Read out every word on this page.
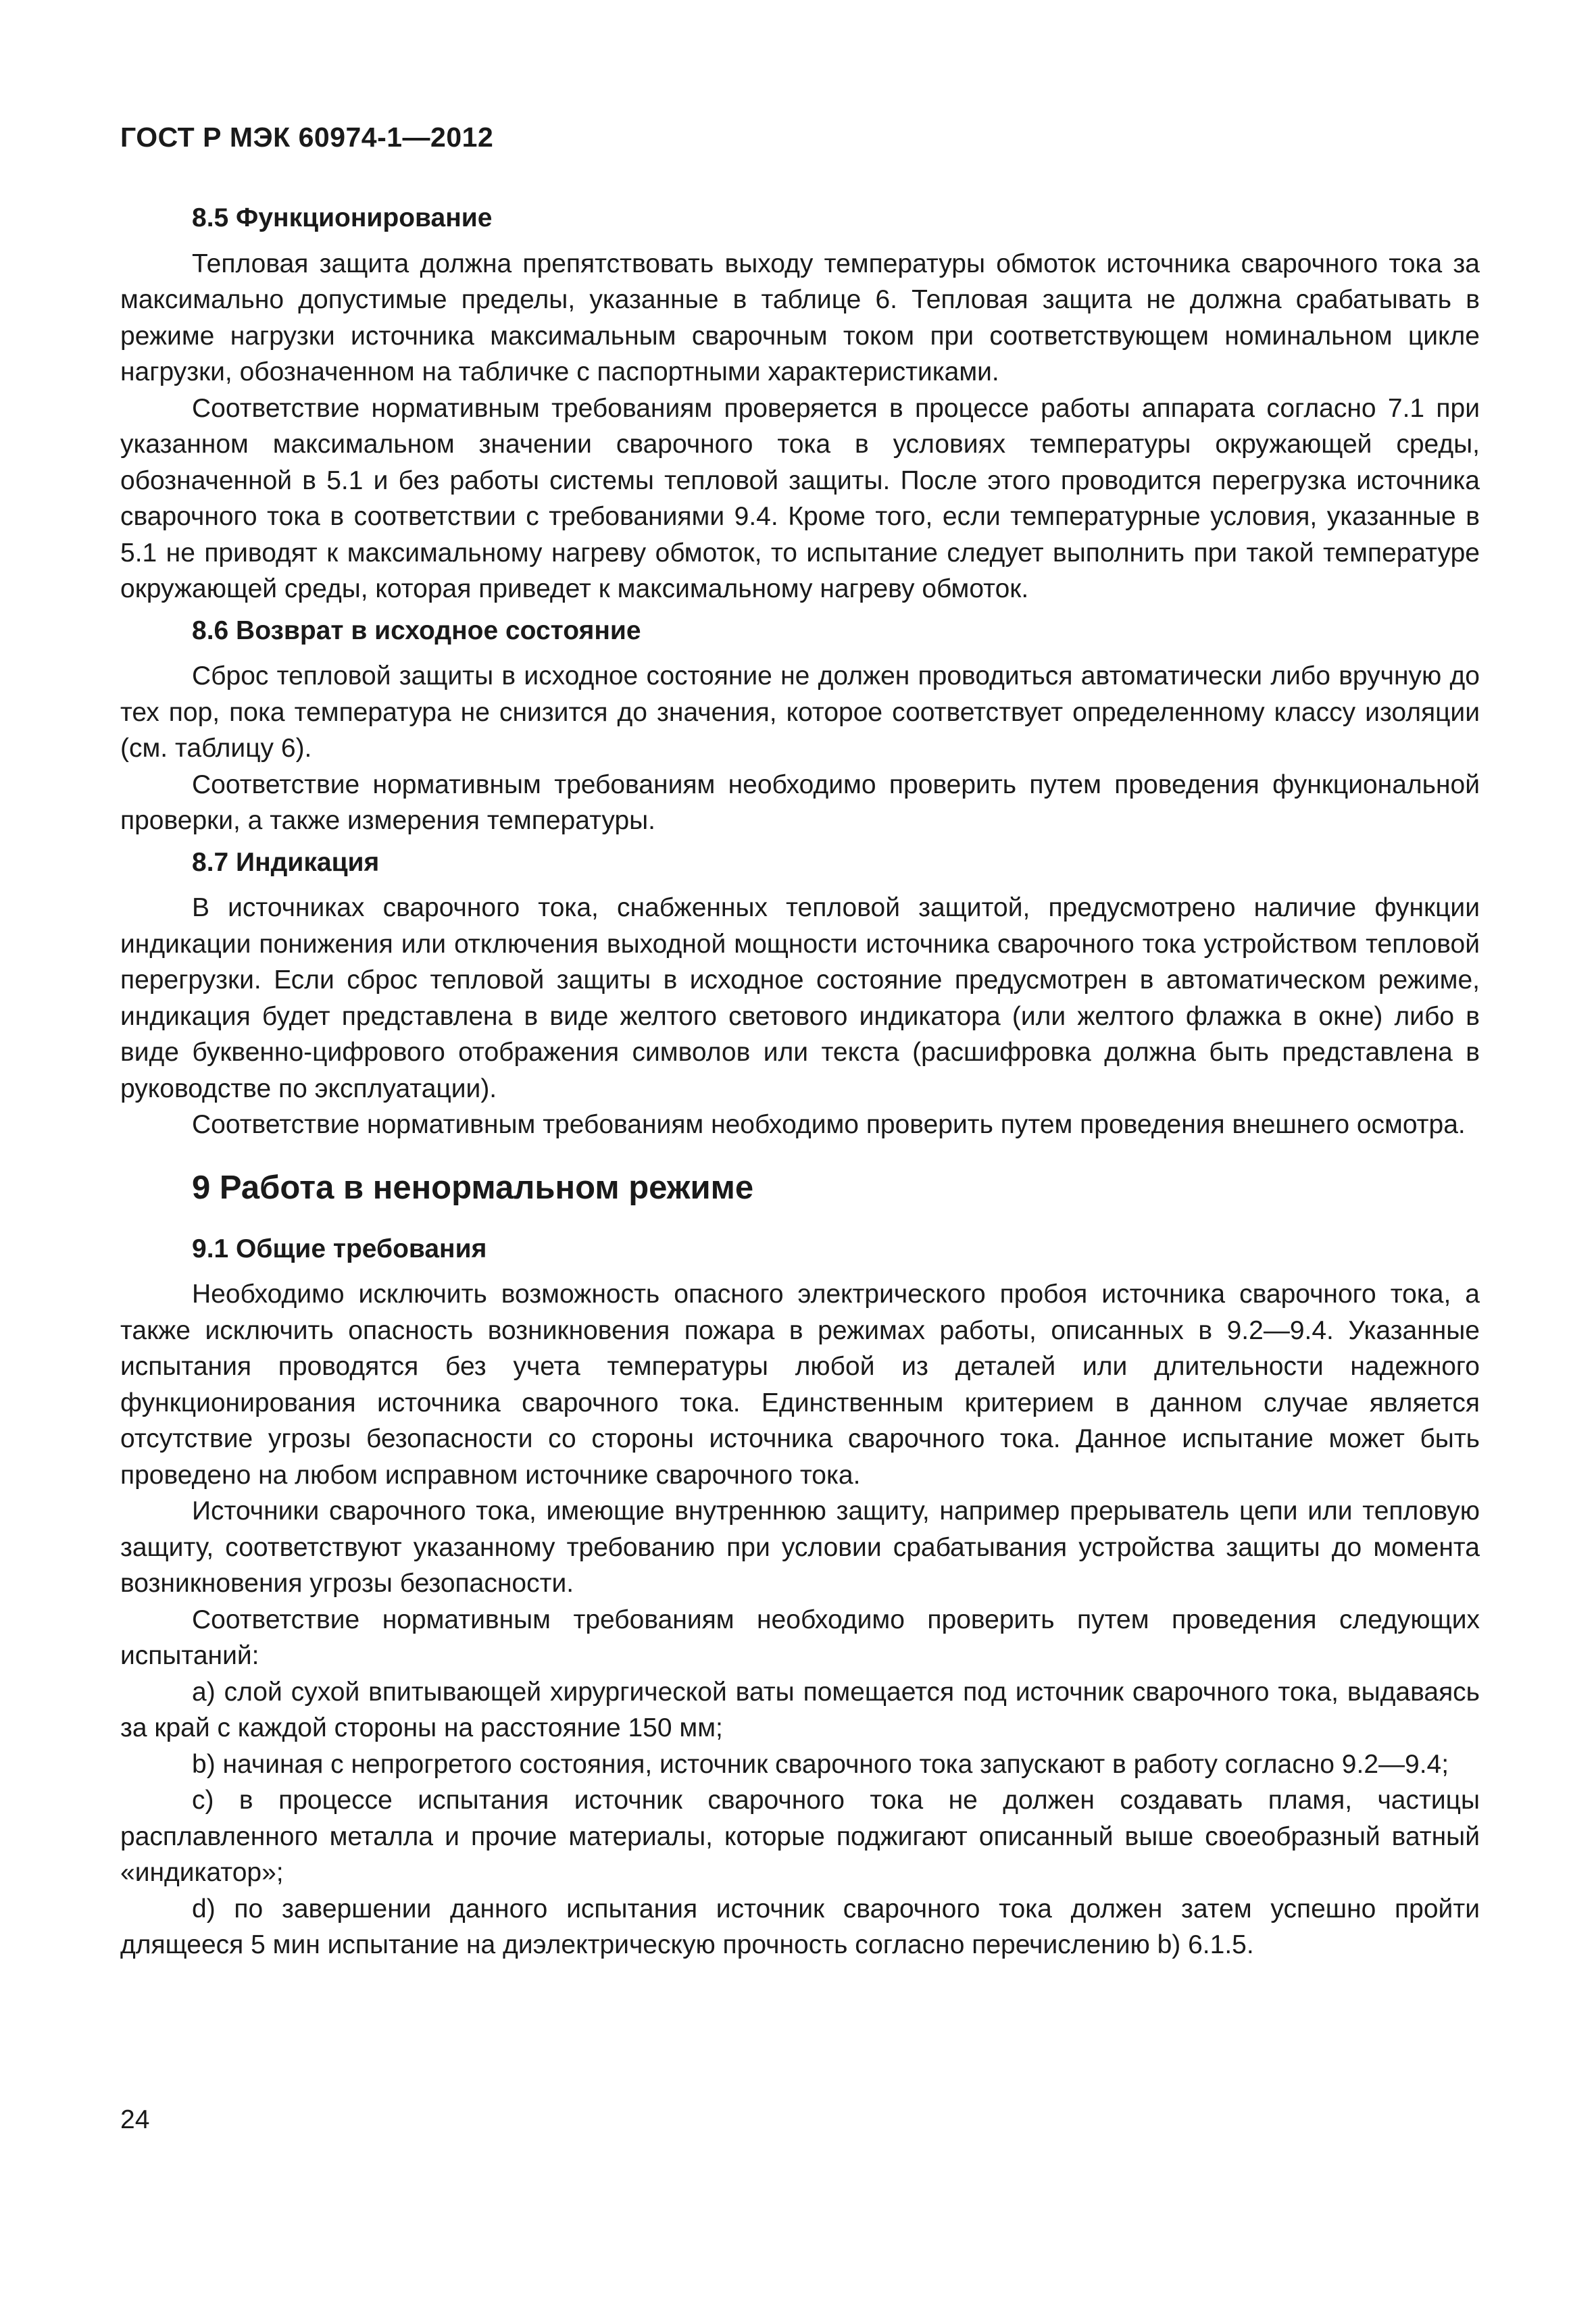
ГОСТ Р МЭК 60974-1—2012
8.5 Функционирование

Тепловая защита должна препятствовать выходу температуры обмоток источника сварочного тока за максимально допустимые пределы, указанные в таблице 6. Тепловая защита не должна срабатывать в режиме нагрузки источника максимальным сварочным током при соответствующем номинальном цикле нагрузки, обозначенном на табличке с паспортными характеристиками.

Соответствие нормативным требованиям проверяется в процессе работы аппарата согласно 7.1 при указанном максимальном значении сварочного тока в условиях температуры окружающей среды, обозначенной в 5.1 и без работы системы тепловой защиты. После этого проводится перегрузка источника сварочного тока в соответствии с требованиями 9.4. Кроме того, если температурные условия, указанные в 5.1 не приводят к максимальному нагреву обмоток, то испытание следует выполнить при такой температуре окружающей среды, которая приведет к максимальному нагреву обмоток.

8.6 Возврат в исходное состояние

Сброс тепловой защиты в исходное состояние не должен проводиться автоматически либо вручную до тех пор, пока температура не снизится до значения, которое соответствует определенному классу изоляции (см. таблицу 6).

Соответствие нормативным требованиям необходимо проверить путем проведения функциональной проверки, а также измерения температуры.

8.7 Индикация

В источниках сварочного тока, снабженных тепловой защитой, предусмотрено наличие функции индикации понижения или отключения выходной мощности источника сварочного тока устройством тепловой перегрузки. Если сброс тепловой защиты в исходное состояние предусмотрен в автоматическом режиме, индикация будет представлена в виде желтого светового индикатора (или желтого флажка в окне) либо в виде буквенно-цифрового отображения символов или текста (расшифровка должна быть представлена в руководстве по эксплуатации).

Соответствие нормативным требованиям необходимо проверить путем проведения внешнего осмотра.

9 Работа в ненормальном режиме
9.1 Общие требования

Необходимо исключить возможность опасного электрического пробоя источника сварочного тока, а также исключить опасность возникновения пожара в режимах работы, описанных в 9.2—9.4. Указанные испытания проводятся без учета температуры любой из деталей или длительности надежного функционирования источника сварочного тока. Единственным критерием в данном случае является отсутствие угрозы безопасности со стороны источника сварочного тока. Данное испытание может быть проведено на любом исправном источнике сварочного тока.

Источники сварочного тока, имеющие внутреннюю защиту, например прерыватель цепи или тепловую защиту, соответствуют указанному требованию при условии срабатывания устройства защиты до момента возникновения угрозы безопасности.

Соответствие нормативным требованиям необходимо проверить путем проведения следующих испытаний:

a) слой сухой впитывающей хирургической ваты помещается под источник сварочного тока, выдаваясь за край с каждой стороны на расстояние 150 мм;

b) начиная с непрогретого состояния, источник сварочного тока запускают в работу согласно 9.2—9.4;

c) в процессе испытания источник сварочного тока не должен создавать пламя, частицы расплавленного металла и прочие материалы, которые поджигают описанный выше своеобразный ватный «индикатор»;

d) по завершении данного испытания источник сварочного тока должен затем успешно пройти длящееся 5 мин испытание на диэлектрическую прочность согласно перечислению b) 6.1.5.

24
